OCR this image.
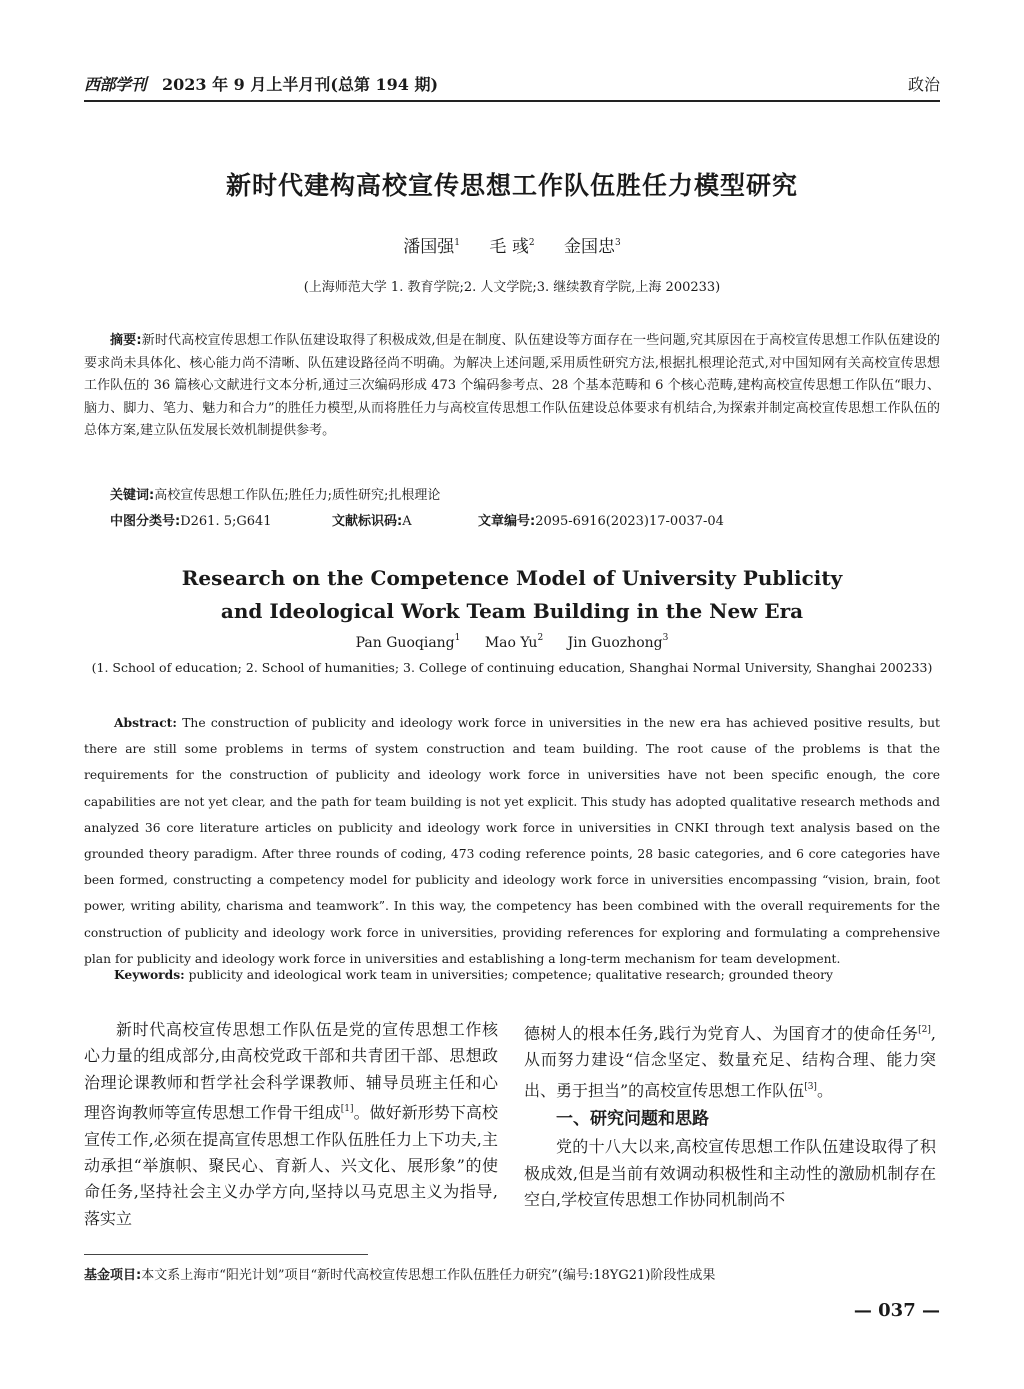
西部学刊 2023 年 9 月上半月刊(总第 194 期)	政治
新时代建构高校宣传思想工作队伍胜任力模型研究
潘国强$^1$ 毛 彧$^2$ 金国忠$^3$
(上海师范大学 1. 教育学院;2. 人文学院;3. 继续教育学院,上海 200233)
摘要:新时代高校宣传思想工作队伍建设取得了积极成效,但是在制度、队伍建设等方面存在一些问题,究其原因在于高校宣传思想工作队伍建设的要求尚未具体化、核心能力尚不清晰、队伍建设路径尚不明确。为解决上述问题,采用质性研究方法,根据扎根理论范式,对中国知网有关高校宣传思想工作队伍的 36 篇核心文献进行文本分析,通过三次编码形成 473 个编码参考点、28 个基本范畴和 6 个核心范畴,建构高校宣传思想工作队伍“眼力、脑力、脚力、笔力、魅力和合力”的胜任力模型,从而将胜任力与高校宣传思想工作队伍建设总体要求有机结合,为探索并制定高校宣传思想工作队伍的总体方案,建立队伍发展长效机制提供参考。
关键词:高校宣传思想工作队伍;胜任力;质性研究;扎根理论
中图分类号:D261. 5;G641	文献标识码:A	文章编号:2095-6916(2023)17-0037-04
Research on the Competence Model of University Publicity
and Ideological Work Team Building in the New Era
Pan Guoqiang$^1$ Mao Yu$^2$ Jin Guozhong$^3$
(1. School of education; 2. School of humanities; 3. College of continuing education, Shanghai Normal University, Shanghai 200233)
Abstract: The construction of publicity and ideology work force in universities in the new era has achieved positive results, but there are still some problems in terms of system construction and team building. The root cause of the problems is that the requirements for the construction of publicity and ideology work force in universities have not been specific enough, the core capabilities are not yet clear, and the path for team building is not yet explicit. This study has adopted qualitative research methods and analyzed 36 core literature articles on publicity and ideology work force in universities in CNKI through text analysis based on the grounded theory paradigm. After three rounds of coding, 473 coding reference points, 28 basic categories, and 6 core categories have been formed, constructing a competency model for publicity and ideology work force in universities encompassing “vision, brain, foot power, writing ability, charisma and teamwork”. In this way, the competency has been combined with the overall requirements for the construction of publicity and ideology work force in universities, providing references for exploring and formulating a comprehensive plan for publicity and ideology work force in universities and establishing a long-term mechanism for team development.
Keywords: publicity and ideological work team in universities; competence; qualitative research; grounded theory

新时代高校宣传思想工作队伍是党的宣传思想工作核心力量的组成部分,由高校党政干部和共青团干部、思想政治理论课教师和哲学社会科学课教师、辅导员班主任和心理咨询教师等宣传思想工作骨干组成[1]。做好新形势下高校宣传工作,必须在提高宣传思想工作队伍胜任力上下功夫,主动承担“举旗帜、聚民心、育新人、兴文化、展形象”的使命任务,坚持社会主义办学方向,坚持以马克思主义为指导,落实立

德树人的根本任务,践行为党育人、为国育才的使命任务[2],从而努力建设“信念坚定、数量充足、结构合理、能力突出、勇于担当”的高校宣传思想工作队伍[3]。

一、研究问题和思路

党的十八大以来,高校宣传思想工作队伍建设取得了积极成效,但是当前有效调动积极性和主动性的激励机制存在空白,学校宣传思想工作协同机制尚不

基金项目:本文系上海市“阳光计划”项目“新时代高校宣传思想工作队伍胜任力研究”(编号:18YG21)阶段性成果
— 037 —
